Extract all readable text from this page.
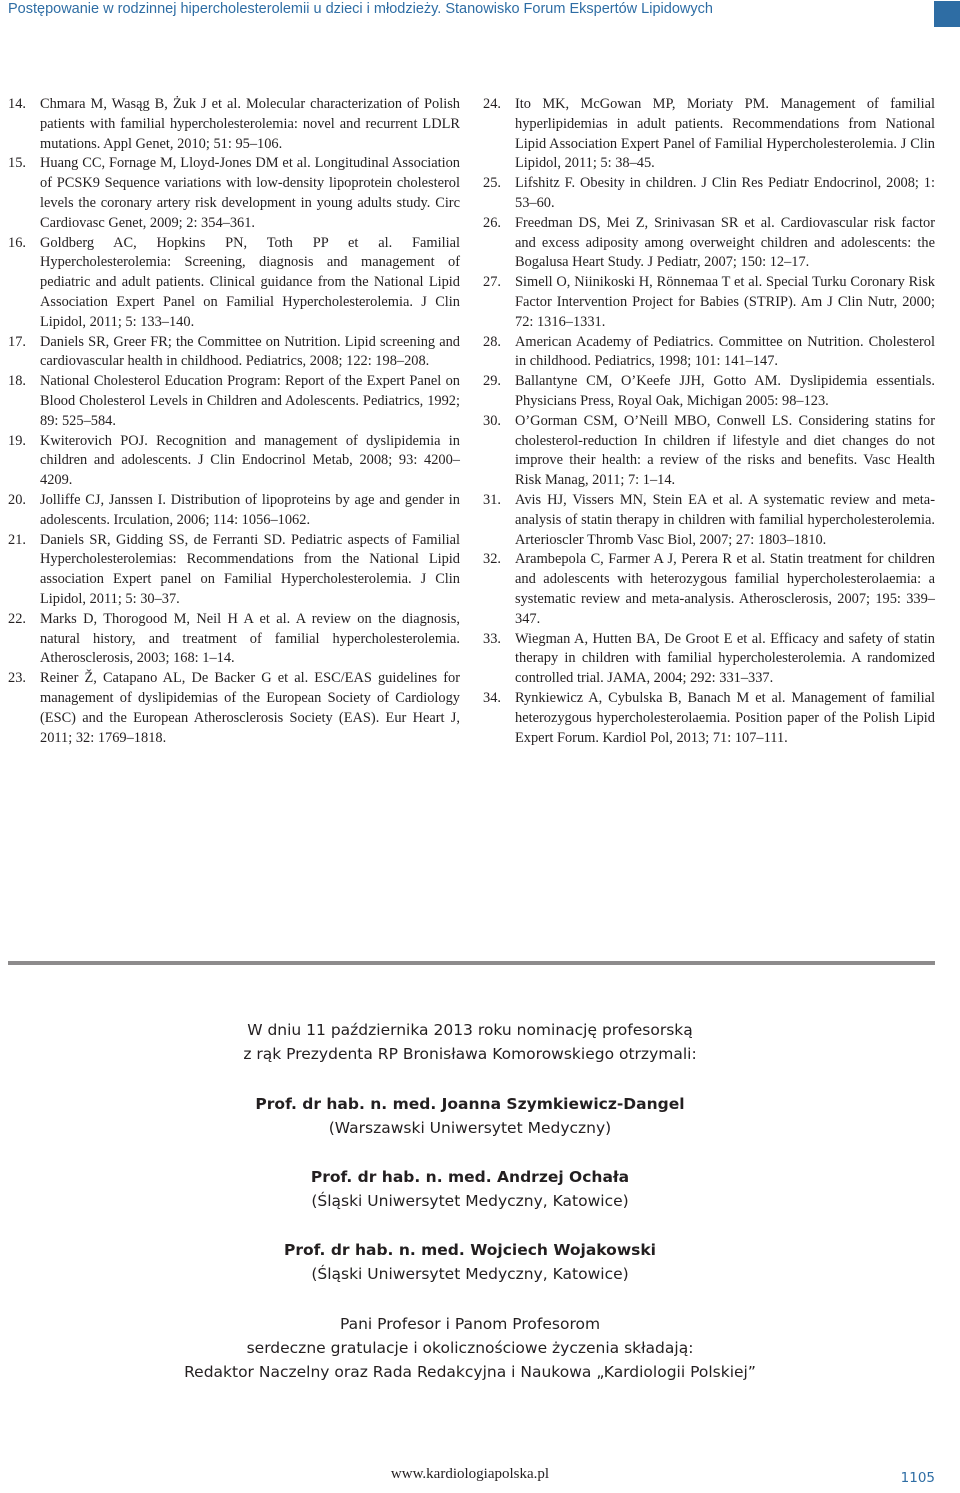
Postępowanie w rodzinnej hipercholesterolemii u dzieci i młodzieży. Stanowisko Forum Ekspertów Lipidowych
14. Chmara M, Wasąg B, Żuk J et al. Molecular characterization of Polish patients with familial hypercholesterolemia: novel and recurrent LDLR mutations. Appl Genet, 2010; 51: 95–106.
15. Huang CC, Fornage M, Lloyd-Jones DM et al. Longitudinal Association of PCSK9 Sequence variations with low-density lipoprotein cholesterol levels the coronary artery risk development in young adults study. Circ Cardiovasc Genet, 2009; 2: 354–361.
16. Goldberg AC, Hopkins PN, Toth PP et al. Familial Hypercholesterolemia: Screening, diagnosis and management of pediatric and adult patients. Clinical guidance from the National Lipid Association Expert Panel on Familial Hypercholesterolemia. J Clin Lipidol, 2011; 5: 133–140.
17. Daniels SR, Greer FR; the Committee on Nutrition. Lipid screening and cardiovascular health in childhood. Pediatrics, 2008; 122: 198–208.
18. National Cholesterol Education Program: Report of the Expert Panel on Blood Cholesterol Levels in Children and Adolescents. Pediatrics, 1992; 89: 525–584.
19. Kwiterovich POJ. Recognition and management of dyslipidemia in children and adolescents. J Clin Endocrinol Metab, 2008; 93: 4200–4209.
20. Jolliffe CJ, Janssen I. Distribution of lipoproteins by age and gender in adolescents. Irculation, 2006; 114: 1056–1062.
21. Daniels SR, Gidding SS, de Ferranti SD. Pediatric aspects of Familial Hypercholesterolemias: Recommendations from the National Lipid association Expert panel on Familial Hypercholesterolemia. J Clin Lipidol, 2011; 5: 30–37.
22. Marks D, Thorogood M, Neil H A et al. A review on the diagnosis, natural history, and treatment of familial hypercholesterolemia. Atherosclerosis, 2003; 168: 1–14.
23. Reiner Ž, Catapano AL, De Backer G et al. ESC/EAS guidelines for management of dyslipidemias of the European Society of Cardiology (ESC) and the European Atherosclerosis Society (EAS). Eur Heart J, 2011; 32: 1769–1818.
24. Ito MK, McGowan MP, Moriaty PM. Management of familial hyperlipidemias in adult patients. Recommendations from National Lipid Association Expert Panel of Familial Hypercholesterolemia. J Clin Lipidol, 2011; 5: 38–45.
25. Lifshitz F. Obesity in children. J Clin Res Pediatr Endocrinol, 2008; 1: 53–60.
26. Freedman DS, Mei Z, Srinivasan SR et al. Cardiovascular risk factor and excess adiposity among overweight children and adolescents: the Bogalusa Heart Study. J Pediatr, 2007; 150: 12–17.
27. Simell O, Niinikoski H, Rönnemaa T et al. Special Turku Coronary Risk Factor Intervention Project for Babies (STRIP). Am J Clin Nutr, 2000; 72: 1316–1331.
28. American Academy of Pediatrics. Committee on Nutrition. Cholesterol in childhood. Pediatrics, 1998; 101: 141–147.
29. Ballantyne CM, O’Keefe JJH, Gotto AM. Dyslipidemia essentials. Physicians Press, Royal Oak, Michigan 2005: 98–123.
30. O’Gorman CSM, O’Neill MBO, Conwell LS. Considering statins for cholesterol-reduction In children if lifestyle and diet changes do not improve their health: a review of the risks and benefits. Vasc Health Risk Manag, 2011; 7: 1–14.
31. Avis HJ, Vissers MN, Stein EA et al. A systematic review and meta-analysis of statin therapy in children with familial hypercholesterolemia. Arterioscler Thromb Vasc Biol, 2007; 27: 1803–1810.
32. Arambepola C, Farmer A J, Perera R et al. Statin treatment for children and adolescents with heterozygous familial hypercholesterolaemia: a systematic review and meta-analysis. Atherosclerosis, 2007; 195: 339–347.
33. Wiegman A, Hutten BA, De Groot E et al. Efficacy and safety of statin therapy in children with familial hypercholesterolemia. A randomized controlled trial. JAMA, 2004; 292: 331–337.
34. Rynkiewicz A, Cybulska B, Banach M et al. Management of familial heterozygous hypercholesterolaemia. Position paper of the Polish Lipid Expert Forum. Kardiol Pol, 2013; 71: 107–111.

W dniu 11 października 2013 roku nominację profesorską

z rąk Prezydenta RP Bronisława Komorowskiego otrzymali:

Prof. dr hab. n. med. Joanna Szymkiewicz-Dangel

(Warszawski Uniwersytet Medyczny)

Prof. dr hab. n. med. Andrzej Ochała

(Śląski Uniwersytet Medyczny, Katowice)

Prof. dr hab. n. med. Wojciech Wojakowski

(Śląski Uniwersytet Medyczny, Katowice)

Pani Profesor i Panom Profesorom

serdeczne gratulacje i okolicznościowe życzenia składają:

Redaktor Naczelny oraz Rada Redakcyjna i Naukowa „Kardiologii Polskiej”

www.kardiologiapolska.pl	1105
